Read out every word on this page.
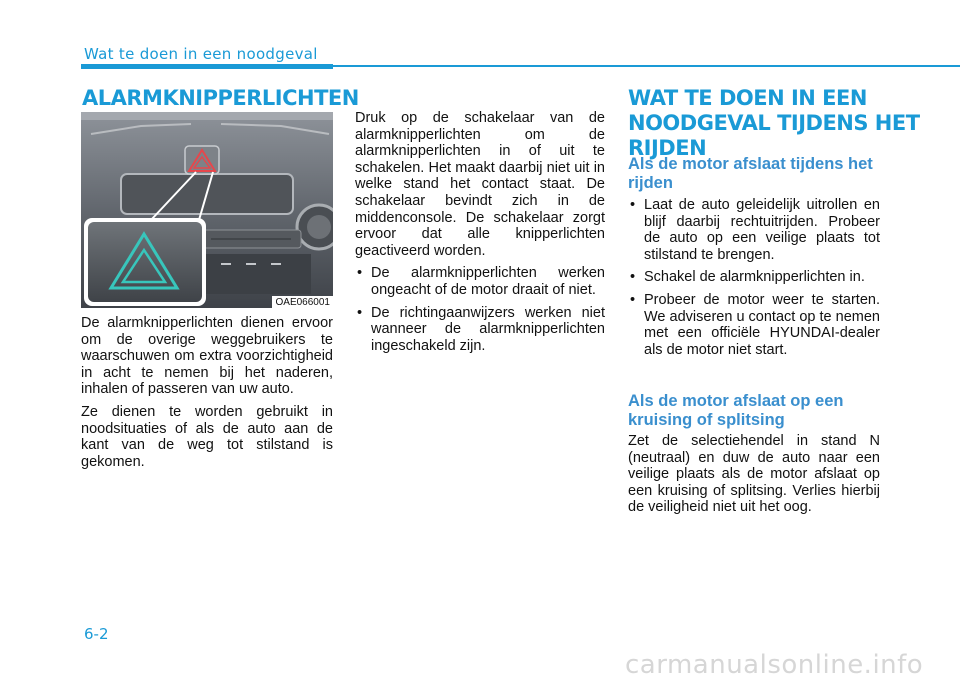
Wat te doen in een noodgeval
ALARMKNIPPERLICHTEN
OAE066001

De alarmknipperlichten dienen ervoor om de overige weggebruikers te waarschuwen om extra voorzichtigheid in acht te nemen bij het naderen, inhalen of passeren van uw auto.

Ze dienen te worden gebruikt in noodsituaties of als de auto aan de kant van de weg tot stilstand is gekomen.

Druk op de schakelaar van de alarmknipperlichten om de alarmknipperlichten in of uit te schakelen. Het maakt daarbij niet uit in welke stand het contact staat. De schakelaar bevindt zich in de middenconsole. De schakelaar zorgt ervoor dat alle knipperlichten geactiveerd worden.

• De alarmknipperlichten werken ongeacht of de motor draait of niet.
• De richtingaanwijzers werken niet wanneer de alarmknipperlichten ingeschakeld zijn.
WAT TE DOEN IN EEN
NOODGEVAL TIJDENS HET
RIJDEN
Als de motor afslaat tijdens het
rijden
• Laat de auto geleidelijk uitrollen en blijf daarbij rechtuitrijden. Probeer de auto op een veilige plaats tot stilstand te brengen.
• Schakel de alarmknipperlichten in.
• Probeer de motor weer te starten. We adviseren u contact op te nemen met een officiële HYUNDAI-dealer als de motor niet start.
Als de motor afslaat op een
kruising of splitsing

Zet de selectiehendel in stand N (neutraal) en duw de auto naar een veilige plaats als de motor afslaat op een kruising of splitsing. Verlies hierbij de veiligheid niet uit het oog.

6-2
carmanualsonline.info
